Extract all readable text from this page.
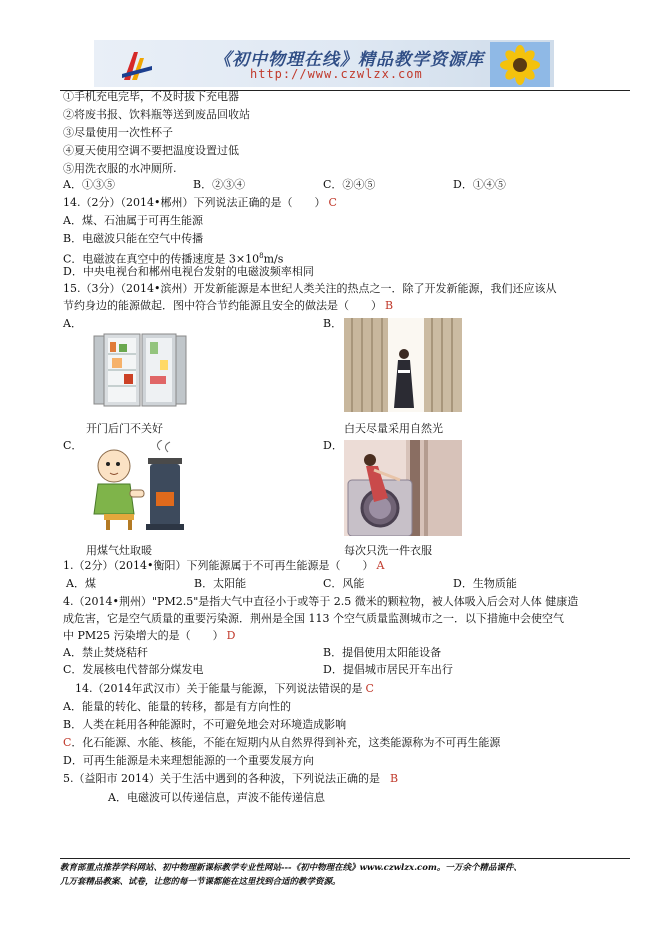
《初中物理在线》精品教学资源库
http://www.czwlzx.com
①手机充电完毕，不及时拔下充电器
②将废书报、饮料瓶等送到废品回收站
③尽量使用一次性杯子
④夏天使用空调不要把温度设置过低
⑤用洗衣服的水冲厕所.
A．①③⑤	B．②③④	C．②④⑤	D．①④⑤
14.（2分）（2014•郴州）下列说法正确的是（　　） C
A．煤、石油属于可再生能源
B．电磁波只能在空气中传播
C．电磁波在真空中的传播速度是 $3\times 10^8m/s$
D．中央电视台和郴州电视台发射的电磁波频率相同
15.（3分）（2014•滨州）开发新能源是本世纪人类关注的热点之一．除了开发新能源，我们还应该从
节约身边的能源做起．图中符合节约能源且安全的做法是（　　） B
A．	B．
开门后门不关好	白天尽量采用自然光
C．	D．
用煤气灶取暖	每次只洗一件衣服
1.（2分）（2014•衡阳）下列能源属于不可再生能源是（　　） A
A．煤	B．太阳能	C．风能	D．生物质能
4.（2014•荆州）"PM2.5"是指大气中直径小于或等于 2.5 微米的颗粒物，被人体吸入后会对人体 健康造
成危害，它是空气质量的重要污染源．荆州是全国 113 个空气质量监测城市之一．以下措施中会使空气
中 PM25 污染增大的是（　　） D
A．禁止焚烧秸秆	B．提倡使用太阳能设备
C．发展核电代替部分煤发电	D．提倡城市居民开车出行
14.（2014年武汉市）关于能量与能源，下列说法错误的是 C
A．能量的转化、能量的转移，都是有方向性的
B．人类在耗用各种能源时，不可避免地会对环境造成影响
C．化石能源、水能、核能，不能在短期内从自然界得到补充，这类能源称为不可再生能源
D．可再生能源是未来理想能源的一个重要发展方向
5.（益阳市 2014）关于生活中遇到的各种波，下列说法正确的是 B
A．电磁波可以传递信息，声波不能传递信息
教育部重点推荐学科网站、初中物理新课标教学专业性网站---《初中物理在线》www.czwlzx.com。一万余个精品课件、
几万套精品教案、试卷，让您的每一节课都能在这里找到合适的教学资源。
